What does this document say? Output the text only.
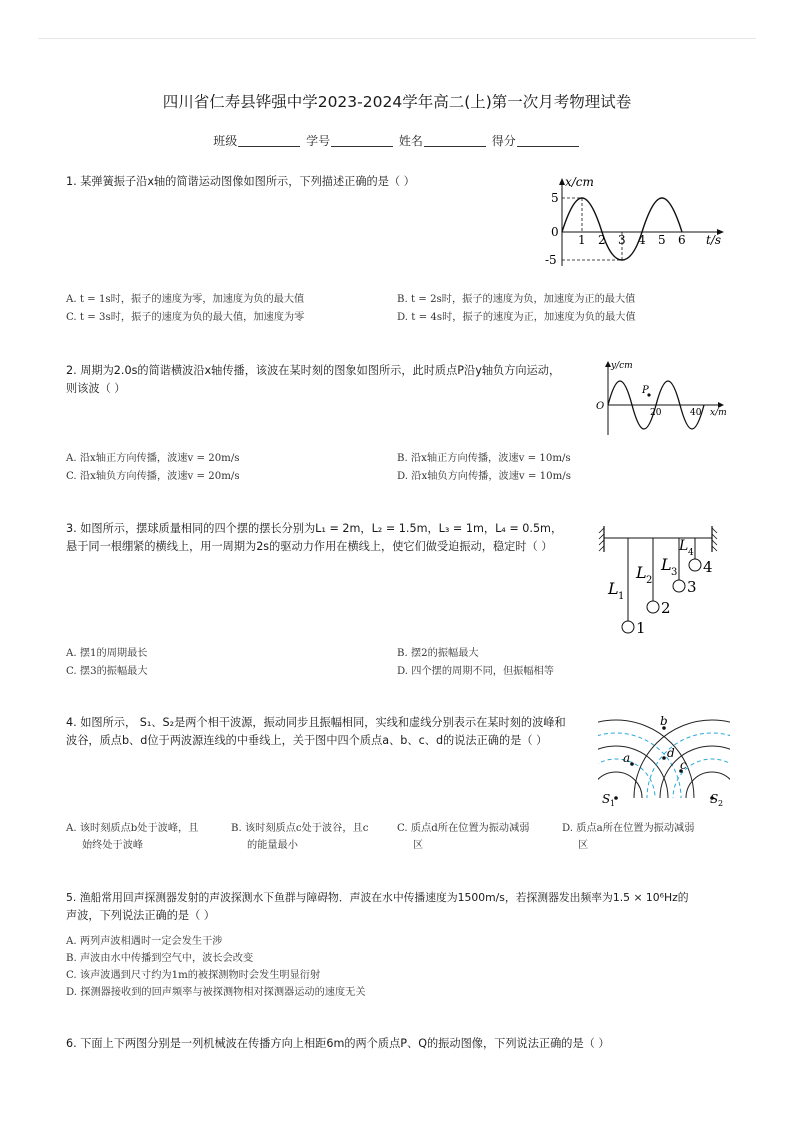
四川省仁寿县铧强中学2023-2024学年高二(上)第一次月考物理试卷
班级	学号	姓名	得分
1. 某弹簧振子沿x轴的简谐运动图像如图所示，下列描述正确的是（ ）	x/cm
t/s
5
0
-5
1 2 3 4 5 6
A. t = 1s时，振子的速度为零，加速度为负的最大值	B. t = 2s时，振子的速度为负，加速度为正的最大值
C. t = 3s时，振子的速度为负的最大值，加速度为零	D. t = 4s时，振子的速度为正，加速度为负的最大值
2. 周期为2.0s的简谐横波沿x轴传播，该波在某时刻的图象如图所示，此时质点P沿y轴负方向运动，
则该波（ ）
y/cm
x/m
O
P
20	40
A. 沿x轴正方向传播，波速v = 20m/s	B. 沿x轴正方向传播，波速v = 10m/s
C. 沿x轴负方向传播，波速v = 20m/s	D. 沿x轴负方向传播，波速v = 10m/s
3. 如图所示，摆球质量相同的四个摆的摆长分别为L₁ = 2m，L₂ = 1.5m，L₃ = 1m，L₄ = 0.5m，
悬于同一根绷紧的横线上，用一周期为2s的驱动力作用在横线上，使它们做受迫振动，稳定时（ ）
L 1
L 2
L 3
L 4
1
2
3
4
A. 摆1的周期最长	B. 摆2的振幅最大
C. 摆3的振幅最大	D. 四个摆的周期不同，但振幅相等
4. 如图所示， S₁、S₂是两个相干波源，振动同步且振幅相同，实线和虚线分别表示在某时刻的波峰和
波谷，质点b、d位于两波源连线的中垂线上，关于图中四个质点a、b、c、d的说法正确的是（ ）
b
d
c
a
S 1	S 2
A. 该时刻质点b处于波峰，且
始终处于波峰
B. 该时刻质点c处于波谷，且c
的能量最小
C. 质点d所在位置为振动减弱
区
D. 质点a所在位置为振动减弱
区
5. 渔船常用回声探测器发射的声波探测水下鱼群与障碍物．声波在水中传播速度为1500m/s，若探测器发出频率为1.5 × 10⁶Hz的
声波，下列说法正确的是（ ）
A. 两列声波相遇时一定会发生干涉
B. 声波由水中传播到空气中，波长会改变
C. 该声波遇到尺寸约为1m的被探测物时会发生明显衍射
D. 探测器接收到的回声频率与被探测物相对探测器运动的速度无关
6. 下面上下两图分别是一列机械波在传播方向上相距6m的两个质点P、Q的振动图像，下列说法正确的是（ ）
